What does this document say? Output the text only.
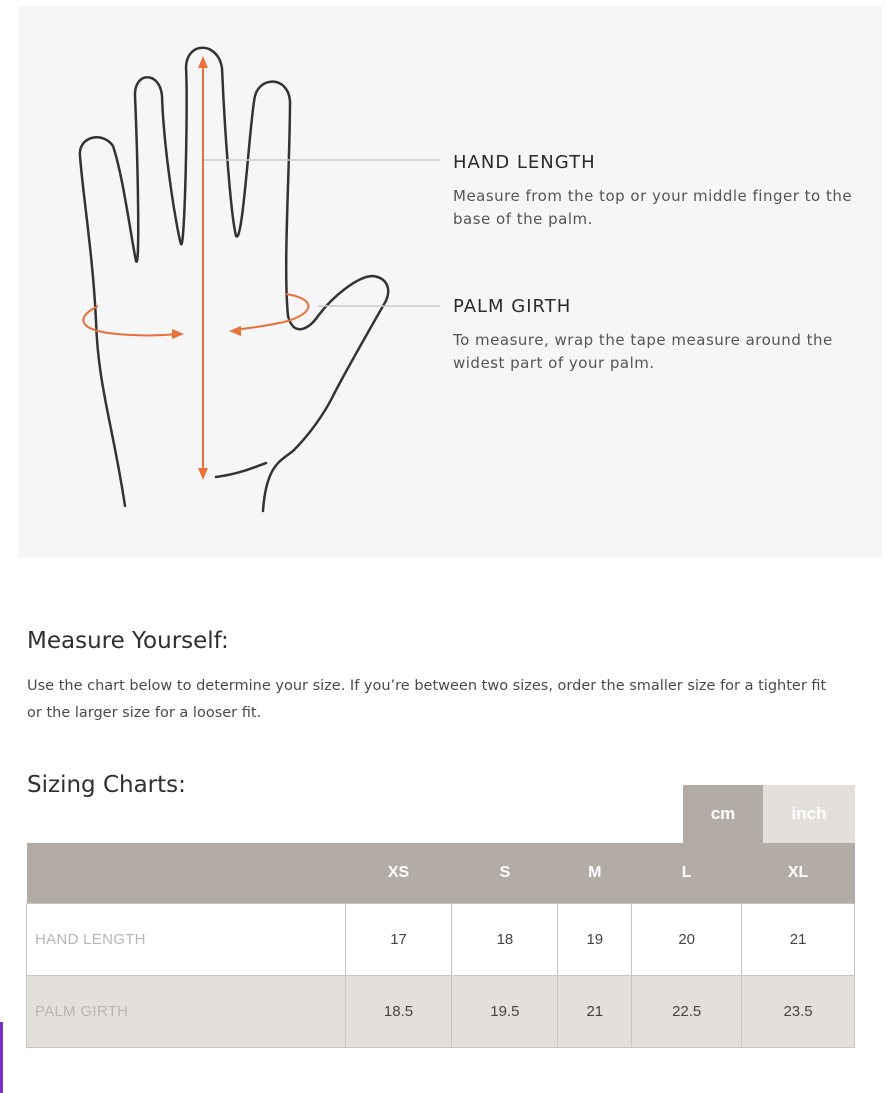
HAND LENGTH

Measure from the top or your middle finger to the base of the palm.

PALM GIRTH

To measure, wrap the tape measure around the widest part of your palm.

Measure Yourself:

Use the chart below to determine your size. If you’re between two sizes, order the smaller size for a tighter fit or the larger size for a looser fit.

Sizing Charts:
cm	inch
	XS	S	M	L	XL
HAND LENGTH	17	18	19	20	21
PALM GIRTH	18.5	19.5	21	22.5	23.5
